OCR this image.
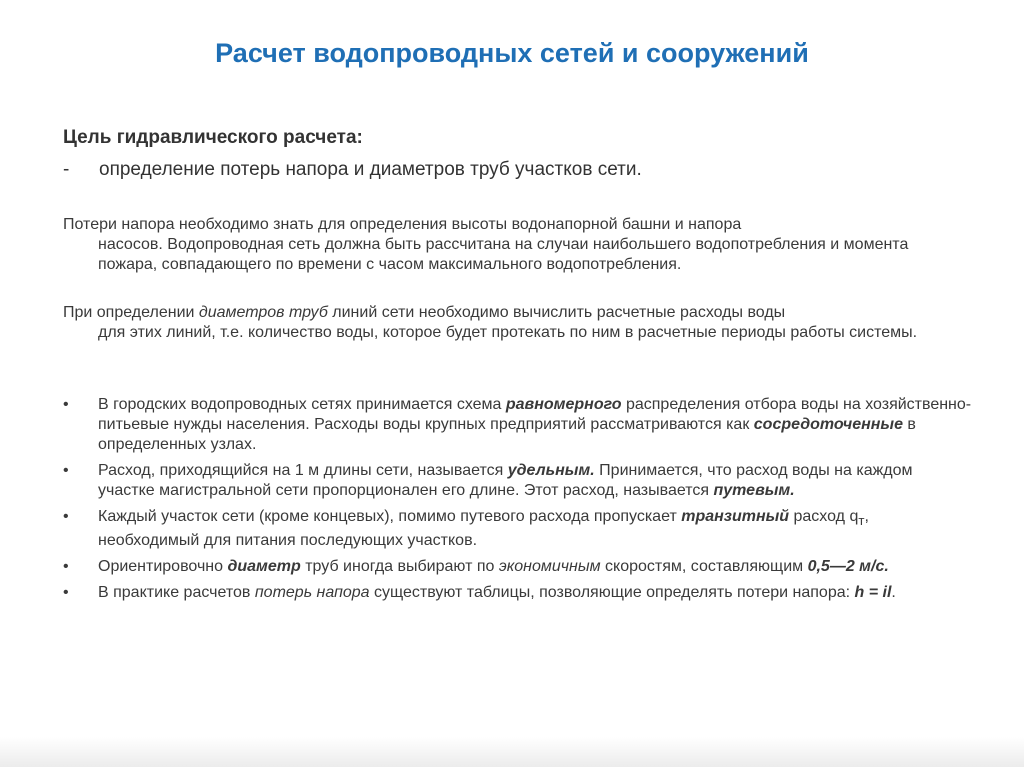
Расчет водопроводных сетей и сооружений
Цель гидравлического расчета:
- определение потерь напора и диаметров труб участков сети.
Потери напора необходимо знать для определения высоты водонапорной башни и напора
насосов. Водопроводная сеть должна быть рассчитана на случаи наибольшего водопотребления и момента пожара, совпадающего по времени с часом максимального водопотребления.
При определении диаметров труб линий сети необходимо вычислить расчетные расходы воды
для этих линий, т.е. количество воды, которое будет протекать по ним в расчетные периоды работы системы.
• В городских водопроводных сетях принимается схема равномерного распределения отбора воды на хозяйственно-питьевые нужды населения. Расходы воды крупных предприятий рассматриваются как сосредоточенные в определенных узлах.
• Расход, приходящийся на 1 м длины сети, называется удельным. Принимается, что расход воды на каждом участке магистральной сети пропорционален его длине. Этот расход, называется путевым.
• Каждый участок сети (кроме концевых), помимо путевого расхода пропускает транзитный расход $q_т$, необходимый для питания последующих участков.
• Ориентировочно диаметр труб иногда выбирают по экономичным скоростям, составляющим 0,5—2 м/с.
• В практике расчетов потерь напора существуют таблицы, позволяющие определять потери напора: h = il.
